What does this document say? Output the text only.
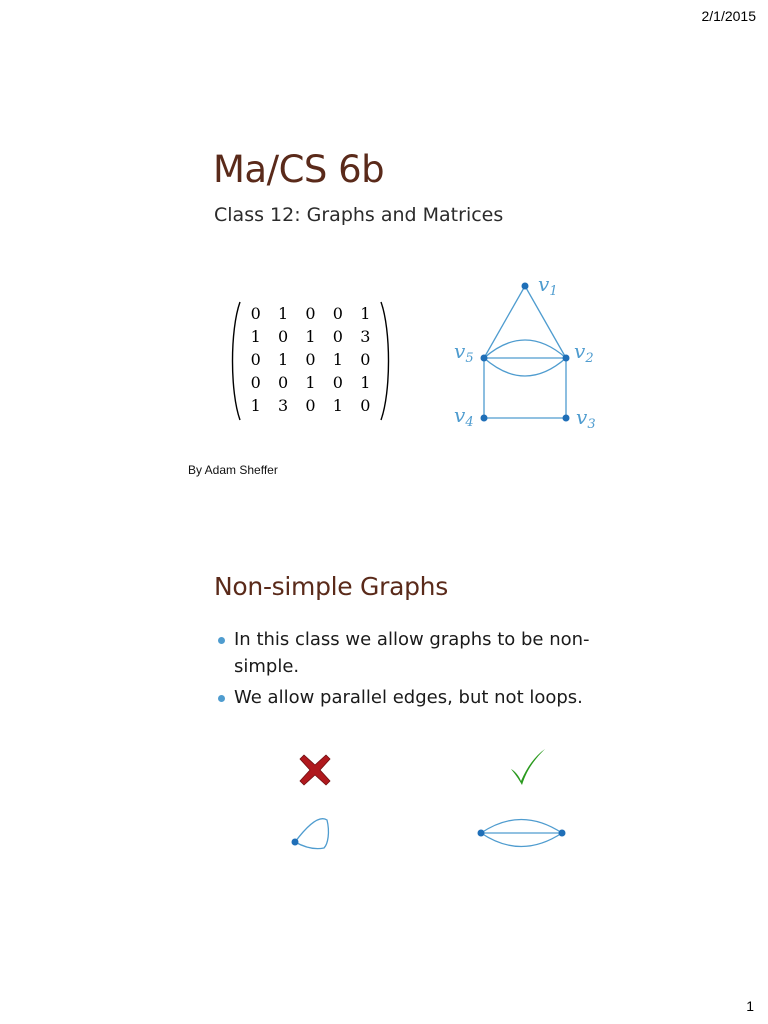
2/1/2015
Ma/CS 6b
Class 12: Graphs and Matrices
0	1	0	0	1
1	0	1	0	3
0	1	0	1	0
0	0	1	0	1
1	3	0	1	0
$v_1$
$v_2$
$v_3$
$v_4$
$v_5$
By Adam Sheffer
Non-simple Graphs
In this class we allow graphs to be non-simple.
We allow parallel edges, but not loops.
1
